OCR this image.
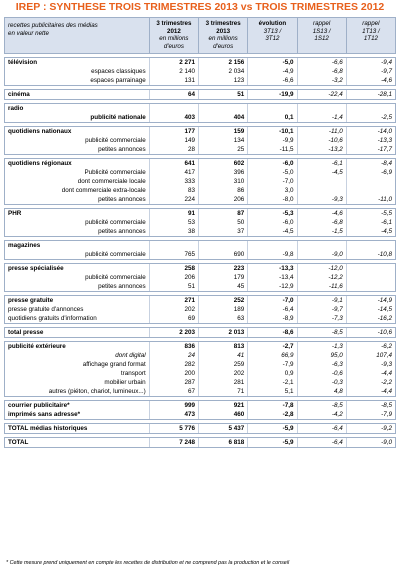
IREP : SYNTHESE TROIS TRIMESTRES 2013 vs TROIS TRIMESTRES 2012
recettes publicitaires des médias
en valeur nette
3 trimestres
2012
en millions
d'euros
3 trimestres
2013
en millions
d'euros
évolution
3T13 /
3T12
rappel
1S13 /
1S12
rappel
1T13 /
1T12
télévision	2 271	2 156	-5,0	-6,6	-9,4
espaces classiques	2 140	2 034	-4,9	-6,8	-9,7
espaces parrainage	131	123	-6,6	-3,2	-4,6
cinéma	64	51	-19,9	-22,4	-28,1
radio
publicité nationale	403	404	0,1	-1,4	-2,5
quotidiens nationaux	177	159	-10,1	-11,0	-14,0
publicité commerciale	149	134	-9,9	-10,6	-13,3
petites annonces	28	25	-11,5	-13,2	-17,7
quotidiens régionaux	641	602	-6,0	-6,1	-8,4
Publicité commerciale	417	396	-5,0	-4,5	-6,9
dont commerciale locale	333	310	-7,0
dont commerciale extra-locale	83	86	3,0
petites annonces	224	206	-8,0	-9,3	-11,0
PHR	91	87	-5,3	-4,6	-5,5
publicité commerciale	53	50	-6,0	-6,8	-6,1
petites annonces	38	37	-4,5	-1,5	-4,5
magazines
publicité commerciale	765	690	-9,8	-9,0	-10,8
presse spécialisée	258	223	-13,3	-12,0
publicité commerciale	206	179	-13,4	-12,2
petites annonces	51	45	-12,9	-11,6
presse gratuite	271	252	-7,0	-9,1	-14,9
presse gratuite d'annonces	202	189	-6,4	-9,7	-14,5
quotidiens gratuits d'information	69	63	-8,9	-7,3	-16,2
total presse	2 203	2 013	-8,6	-8,5	-10,6
publicité extérieure	836	813	-2,7	-1,3	-6,2
dont digital	24	41	66,9	95,0	107,4
affichage grand format	282	259	-7,9	-6,3	-9,3
transport	200	202	0,9	-0,6	-4,4
mobilier urbain	287	281	-2,1	-0,3	-2,2
autres (piéton, chariot, lumineux...)	67	71	5,1	4,8	-4,4
courrier publicitaire*	999	921	-7,8	-8,5	-8,5
imprimés sans adresse*	473	460	-2,8	-4,2	-7,9
TOTAL médias historiques	5 776	5 437	-5,9	-6,4	-9,2
TOTAL	7 248	6 818	-5,9	-6,4	-9,0
* Cette mesure prend uniquement en compte les recettes de distribution et ne comprend pas la production et le conseil
